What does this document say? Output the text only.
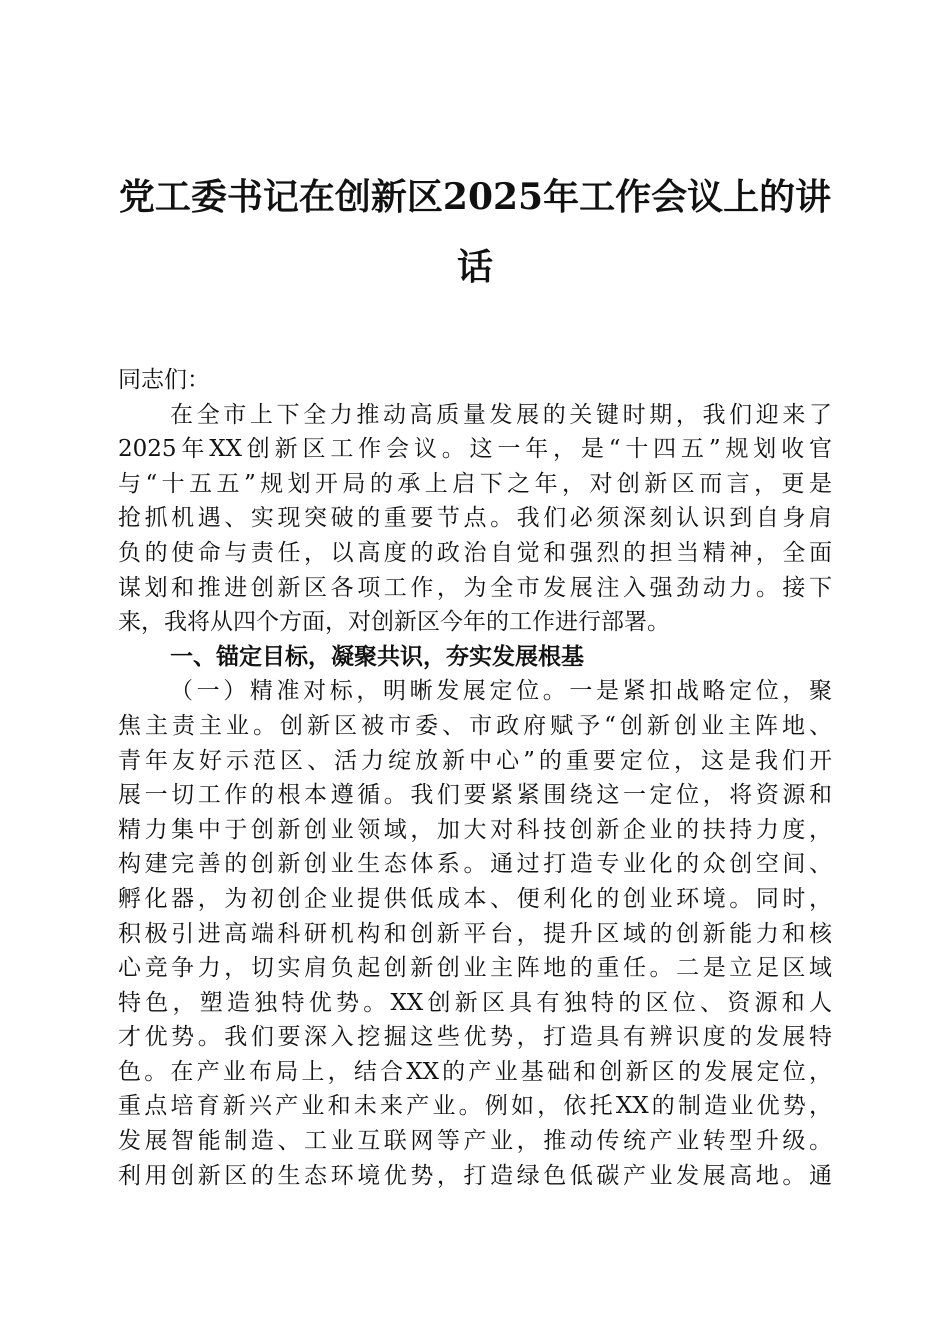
党工委书记在创新区2025年工作会议上的讲
话
同志们：
在全市上下全力推动高质量发展的关键时期，我们迎来了
2025年XX创新区工作会议。这一年，是“十四五”规划收官
与“十五五”规划开局的承上启下之年，对创新区而言，更是
抢抓机遇、实现突破的重要节点。我们必须深刻认识到自身肩
负的使命与责任，以高度的政治自觉和强烈的担当精神，全面
谋划和推进创新区各项工作，为全市发展注入强劲动力。接下
来，我将从四个方面，对创新区今年的工作进行部署。
一、锚定目标，凝聚共识，夯实发展根基
（一）精准对标，明晰发展定位。一是紧扣战略定位，聚
焦主责主业。创新区被市委、市政府赋予“创新创业主阵地、
青年友好示范区、活力绽放新中心”的重要定位，这是我们开
展一切工作的根本遵循。我们要紧紧围绕这一定位，将资源和
精力集中于创新创业领域，加大对科技创新企业的扶持力度，
构建完善的创新创业生态体系。通过打造专业化的众创空间、
孵化器，为初创企业提供低成本、便利化的创业环境。同时，
积极引进高端科研机构和创新平台，提升区域的创新能力和核
心竞争力，切实肩负起创新创业主阵地的重任。二是立足区域
特色，塑造独特优势。XX创新区具有独特的区位、资源和人
才优势。我们要深入挖掘这些优势，打造具有辨识度的发展特
色。在产业布局上，结合XX的产业基础和创新区的发展定位，
重点培育新兴产业和未来产业。例如，依托XX的制造业优势，
发展智能制造、工业互联网等产业，推动传统产业转型升级。
利用创新区的生态环境优势，打造绿色低碳产业发展高地。通
